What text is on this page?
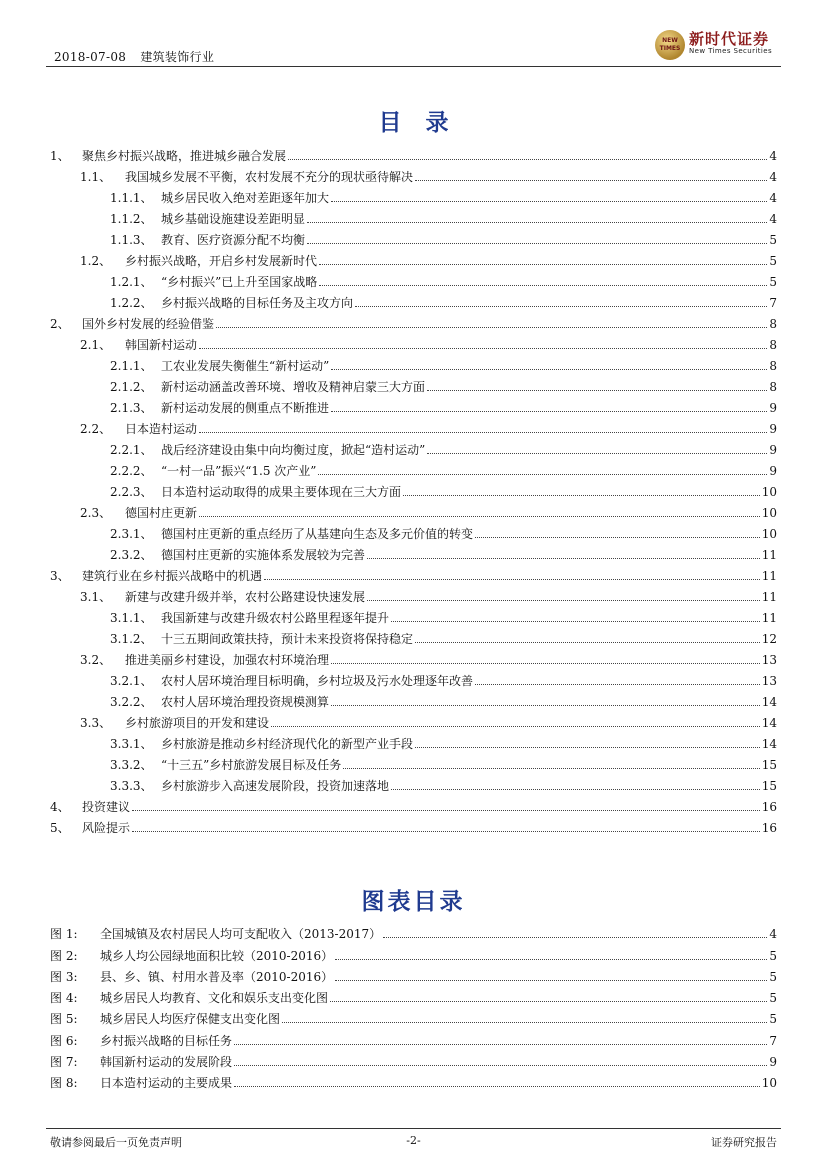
2018-07-08 建筑装饰行业
NEW
TIMES
新时代证券
New Times Securities
目录
1、	聚焦乡村振兴战略，推进城乡融合发展	4
1.1、	我国城乡发展不平衡，农村发展不充分的现状亟待解决	4
1.1.1、 城乡居民收入绝对差距逐年加大	4
1.1.2、 城乡基础设施建设差距明显	4
1.1.3、 教育、医疗资源分配不均衡	5
1.2、	乡村振兴战略，开启乡村发展新时代	5
1.2.1、 “乡村振兴”已上升至国家战略	5
1.2.2、 乡村振兴战略的目标任务及主攻方向	7
2、	国外乡村发展的经验借鉴	8
2.1、	韩国新村运动	8
2.1.1、 工农业发展失衡催生“新村运动”	8
2.1.2、 新村运动涵盖改善环境、增收及精神启蒙三大方面	8
2.1.3、 新村运动发展的侧重点不断推进	9
2.2、	日本造村运动	9
2.2.1、 战后经济建设由集中向均衡过度，掀起“造村运动”	9
2.2.2、 “一村一品”振兴“1.5 次产业”	9
2.2.3、 日本造村运动取得的成果主要体现在三大方面	10
2.3、	德国村庄更新	10
2.3.1、 德国村庄更新的重点经历了从基建向生态及多元价值的转变	10
2.3.2、 德国村庄更新的实施体系发展较为完善	11
3、	建筑行业在乡村振兴战略中的机遇	11
3.1、	新建与改建升级并举，农村公路建设快速发展	11
3.1.1、 我国新建与改建升级农村公路里程逐年提升	11
3.1.2、 十三五期间政策扶持，预计未来投资将保持稳定	12
3.2、	推进美丽乡村建设，加强农村环境治理	13
3.2.1、 农村人居环境治理目标明确，乡村垃圾及污水处理逐年改善	13
3.2.2、 农村人居环境治理投资规模测算	14
3.3、	乡村旅游项目的开发和建设	14
3.3.1、 乡村旅游是推动乡村经济现代化的新型产业手段	14
3.3.2、 “十三五”乡村旅游发展目标及任务	15
3.3.3、 乡村旅游步入高速发展阶段，投资加速落地	15
4、	投资建议	16
5、	风险提示	16
图表目录
图 1:	全国城镇及农村居民人均可支配收入（2013-2017）	4
图 2:	城乡人均公园绿地面积比较（2010-2016）	5
图 3:	县、乡、镇、村用水普及率（2010-2016）	5
图 4:	城乡居民人均教育、文化和娱乐支出变化图	5
图 5:	城乡居民人均医疗保健支出变化图	5
图 6:	乡村振兴战略的目标任务	7
图 7:	韩国新村运动的发展阶段	9
图 8:	日本造村运动的主要成果	10
敬请参阅最后一页免责声明	-2-	证券研究报告
